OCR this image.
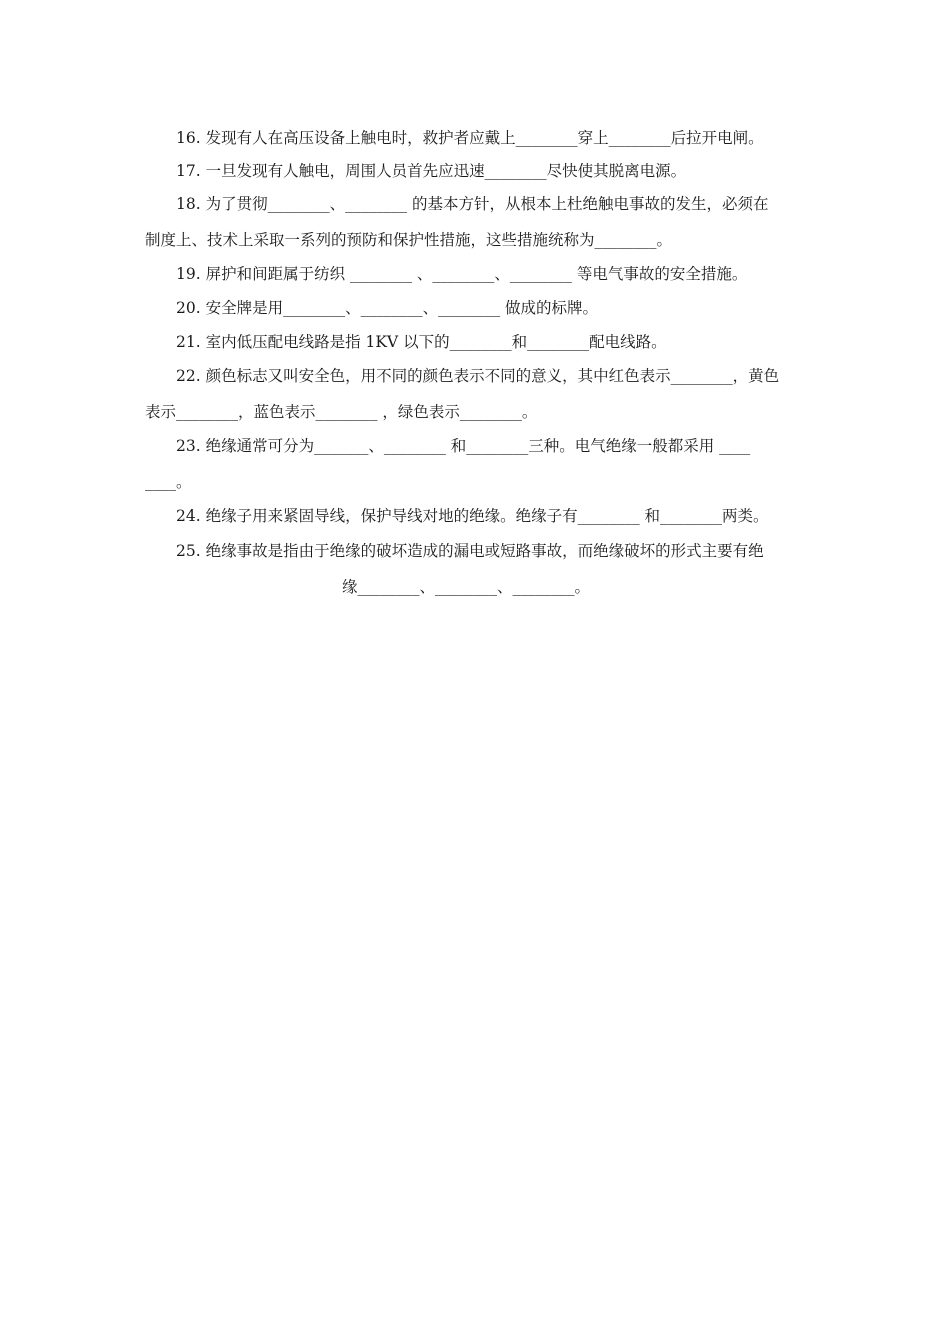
16. 发现有人在高压设备上触电时，救护者应戴上________穿上________后拉开电闸。
17. 一旦发现有人触电，周围人员首先应迅速________尽快使其脱离电源。
18. 为了贯彻________、________ 的基本方针，从根本上杜绝触电事故的发生，必须在
制度上、技术上采取一系列的预防和保护性措施，这些措施统称为________。
19. 屏护和间距属于纺织 ________ 、________、________ 等电气事故的安全措施。
20. 安全牌是用________、________、________ 做成的标牌。
21. 室内低压配电线路是指 1KV 以下的________和________配电线路。
22. 颜色标志又叫安全色，用不同的颜色表示不同的意义，其中红色表示________，黄色
表示________，蓝色表示________ ，绿色表示________。
23. 绝缘通常可分为_______、________ 和________三种。电气绝缘一般都采用 ____
____。
24. 绝缘子用来紧固导线，保护导线对地的绝缘。绝缘子有________ 和________两类。
25. 绝缘事故是指由于绝缘的破坏造成的漏电或短路事故，而绝缘破坏的形式主要有绝
缘________、________、________。
